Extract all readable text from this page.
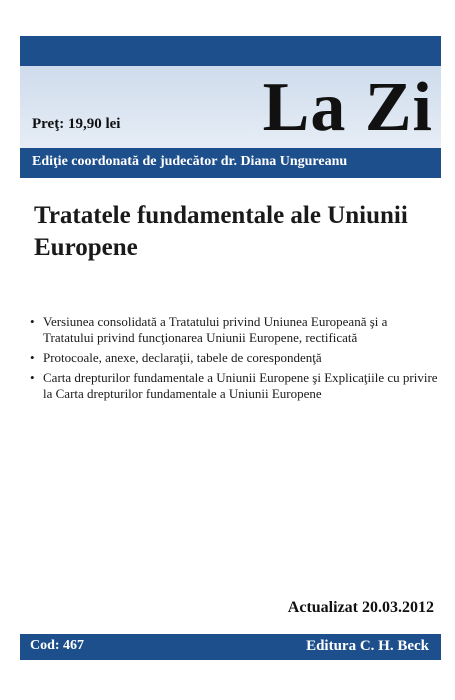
Preţ: 19,90 lei La Zi
Ediţie coordonată de judecător dr. Diana Ungureanu
Tratatele fundamentale ale Uniunii Europene
• Versiunea consolidată a Tratatului privind Uniunea Europeană şi a Tratatului privind funcţionarea Uniunii Europene, rectificată
• Protocoale, anexe, declaraţii, tabele de corespondenţă
• Carta drepturilor fundamentale a Uniunii Europene şi Explicaţiile cu privire la Carta drepturilor fundamentale a Uniunii Europene
Actualizat 20.03.2012
Cod: 467	Editura C. H. Beck
